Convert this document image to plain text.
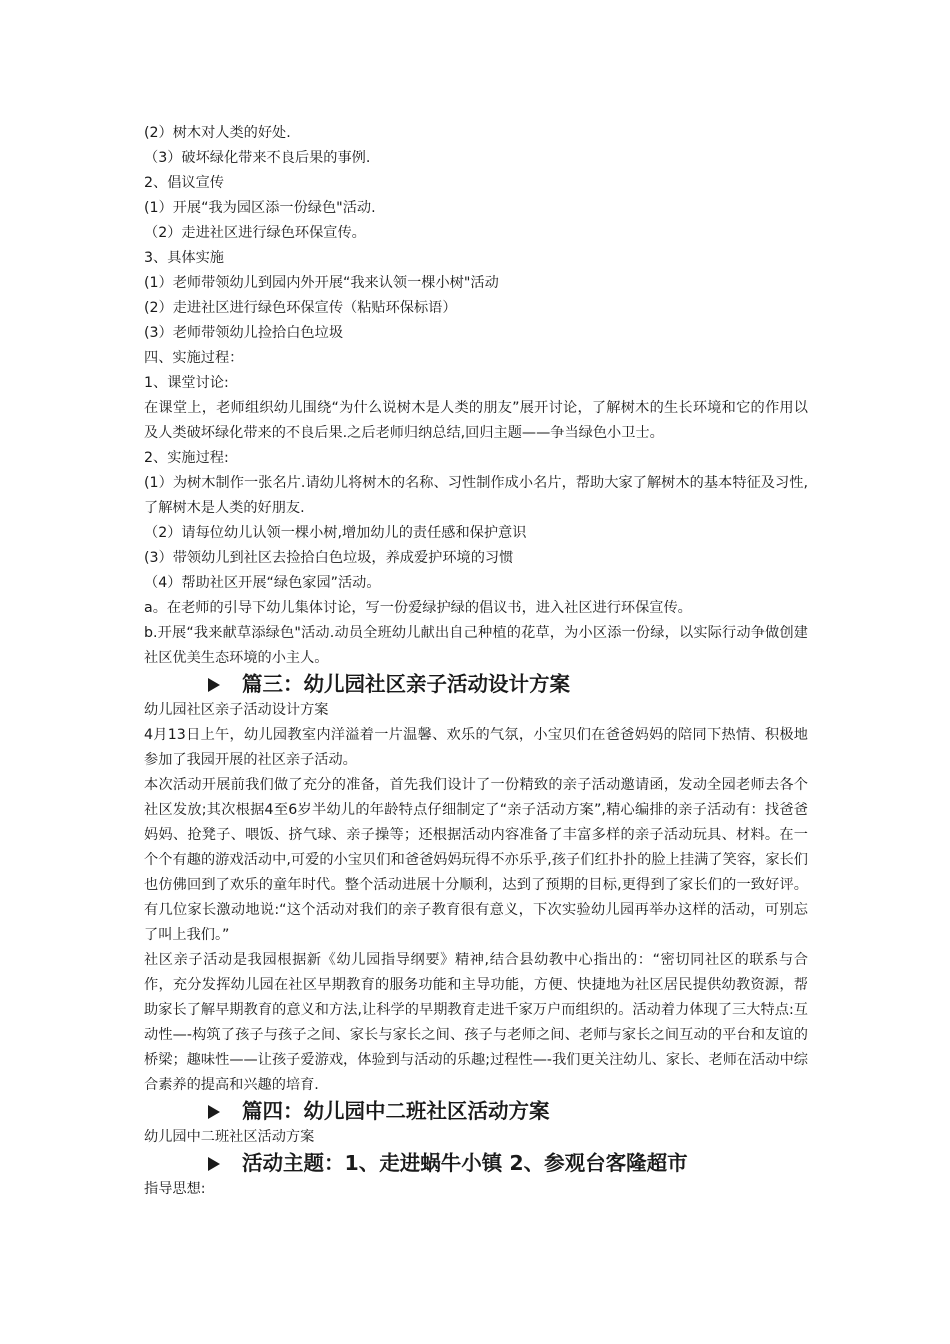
(2）树木对人类的好处.

（3）破坏绿化带来不良后果的事例.

2、倡议宣传

(1）开展“我为园区添一份绿色"活动.

（2）走进社区进行绿色环保宣传。

3、具体实施

(1）老师带领幼儿到园内外开展“我来认领一棵小树"活动

(2）走进社区进行绿色环保宣传（粘贴环保标语）

(3）老师带领幼儿捡拾白色垃圾

四、实施过程：

1、课堂讨论:

在课堂上，老师组织幼儿围绕“为什么说树木是人类的朋友”展开讨论，了解树木的生长环境和它的作用以及人类破坏绿化带来的不良后果.之后老师归纳总结,回归主题——争当绿色小卫士。

2、实施过程:

(1）为树木制作一张名片.请幼儿将树木的名称、习性制作成小名片，帮助大家了解树木的基本特征及习性,了解树木是人类的好朋友.

（2）请每位幼儿认领一棵小树,增加幼儿的责任感和保护意识

(3）带领幼儿到社区去捡拾白色垃圾，养成爱护环境的习惯

（4）帮助社区开展“绿色家园”活动。

a。在老师的引导下幼儿集体讨论，写一份爱绿护绿的倡议书，进入社区进行环保宣传。

b.开展“我来献草添绿色"活动.动员全班幼儿献出自己种植的花草，为小区添一份绿，以实际行动争做创建社区优美生态环境的小主人。

篇三：幼儿园社区亲子活动设计方案

幼儿园社区亲子活动设计方案

4月13日上午，幼儿园教室内洋溢着一片温馨、欢乐的气氛，小宝贝们在爸爸妈妈的陪同下热情、积极地参加了我园开展的社区亲子活动。

本次活动开展前我们做了充分的准备，首先我们设计了一份精致的亲子活动邀请函，发动全园老师去各个社区发放;其次根据4至6岁半幼儿的年龄特点仔细制定了“亲子活动方案”,精心编排的亲子活动有：找爸爸妈妈、抢凳子、喂饭、挤气球、亲子操等；还根据活动内容准备了丰富多样的亲子活动玩具、材料。在一个个有趣的游戏活动中,可爱的小宝贝们和爸爸妈妈玩得不亦乐乎,孩子们红扑扑的脸上挂满了笑容，家长们也仿佛回到了欢乐的童年时代。整个活动进展十分顺利，达到了预期的目标,更得到了家长们的一致好评。有几位家长激动地说:“这个活动对我们的亲子教育很有意义，下次实验幼儿园再举办这样的活动，可别忘了叫上我们。”

社区亲子活动是我园根据新《幼儿园指导纲要》精神,结合县幼教中心指出的：“密切同社区的联系与合作，充分发挥幼儿园在社区早期教育的服务功能和主导功能，方便、快捷地为社区居民提供幼教资源，帮助家长了解早期教育的意义和方法,让科学的早期教育走进千家万户而组织的。活动着力体现了三大特点:互动性—-构筑了孩子与孩子之间、家长与家长之间、孩子与老师之间、老师与家长之间互动的平台和友谊的桥梁；趣味性——让孩子爱游戏，体验到与活动的乐趣;过程性—-我们更关注幼儿、家长、老师在活动中综合素养的提高和兴趣的培育.

篇四：幼儿园中二班社区活动方案

幼儿园中二班社区活动方案

活动主题：1、走进蜗牛小镇 2、参观台客隆超市

指导思想:
